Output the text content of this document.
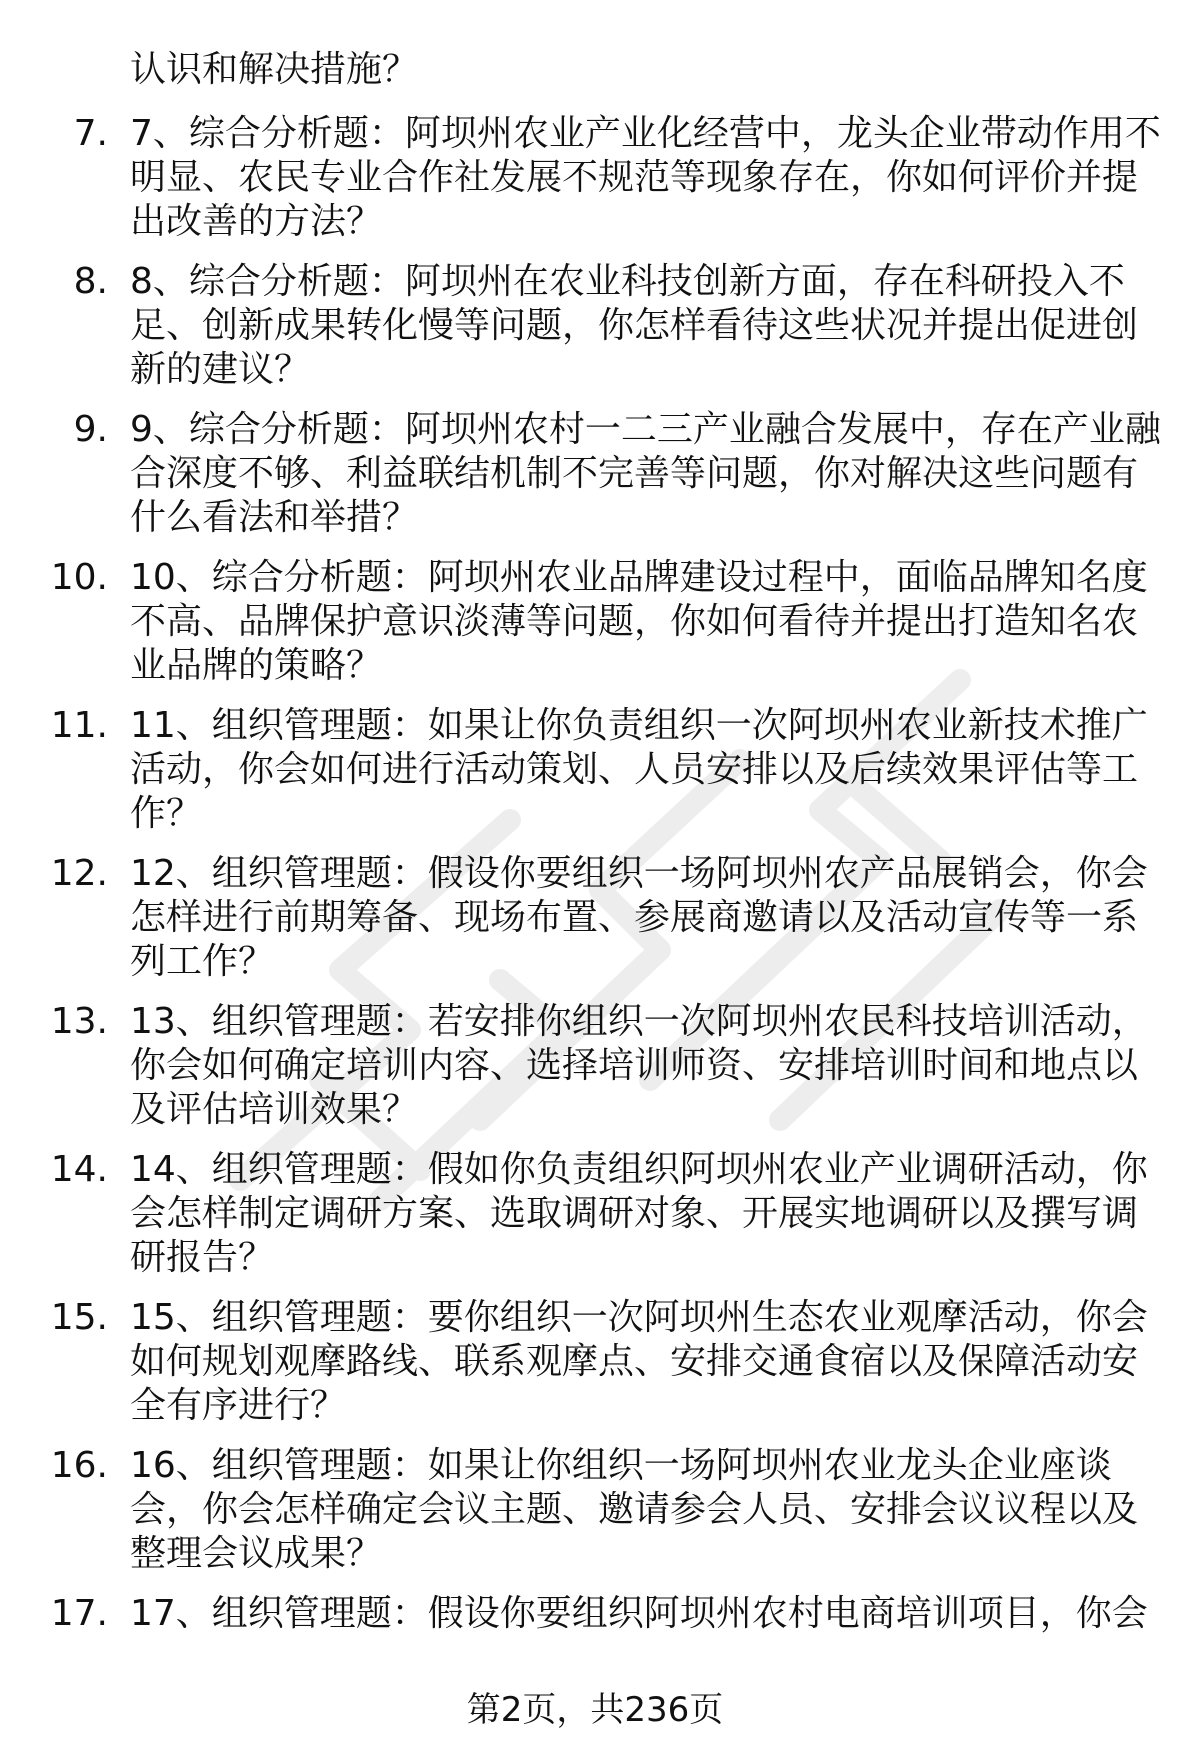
认识和解决措施？
7. 7、综合分析题：阿坝州农业产业化经营中，龙头企业带动作用不明显、农民专业合作社发展不规范等现象存在，你如何评价并提出改善的方法？
8. 8、综合分析题：阿坝州在农业科技创新方面，存在科研投入不足、创新成果转化慢等问题，你怎样看待这些状况并提出促进创新的建议？
9. 9、综合分析题：阿坝州农村一二三产业融合发展中，存在产业融合深度不够、利益联结机制不完善等问题，你对解决这些问题有什么看法和举措？
10. 10、综合分析题：阿坝州农业品牌建设过程中，面临品牌知名度不高、品牌保护意识淡薄等问题，你如何看待并提出打造知名农业品牌的策略？
11. 11、组织管理题：如果让你负责组织一次阿坝州农业新技术推广活动，你会如何进行活动策划、人员安排以及后续效果评估等工作？
12. 12、组织管理题：假设你要组织一场阿坝州农产品展销会，你会怎样进行前期筹备、现场布置、参展商邀请以及活动宣传等一系列工作？
13. 13、组织管理题：若安排你组织一次阿坝州农民科技培训活动，你会如何确定培训内容、选择培训师资、安排培训时间和地点以及评估培训效果？
14. 14、组织管理题：假如你负责组织阿坝州农业产业调研活动，你会怎样制定调研方案、选取调研对象、开展实地调研以及撰写调研报告？
15. 15、组织管理题：要你组织一次阿坝州生态农业观摩活动，你会如何规划观摩路线、联系观摩点、安排交通食宿以及保障活动安全有序进行？
16. 16、组织管理题：如果让你组织一场阿坝州农业龙头企业座谈会，你会怎样确定会议主题、邀请参会人员、安排会议议程以及整理会议成果？
17. 17、组织管理题：假设你要组织阿坝州农村电商培训项目，你会
第2页，共236页
